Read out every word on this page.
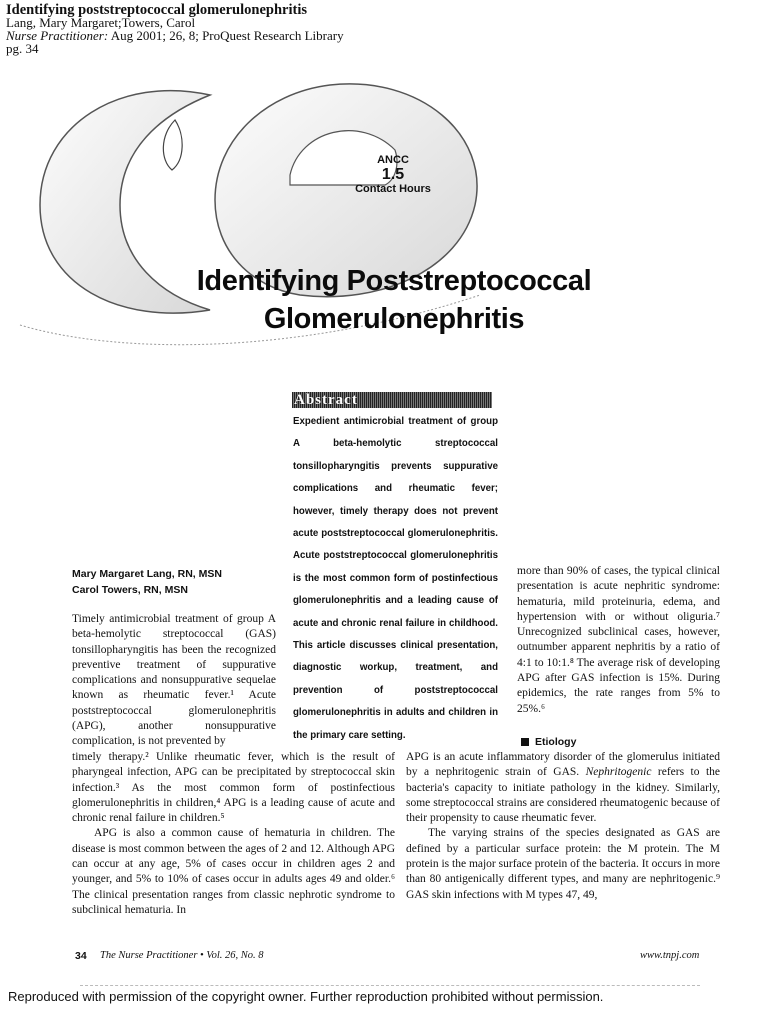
Identifying poststreptococcal glomerulonephritis
Lang, Mary Margaret;Towers, Carol
Nurse Practitioner: Aug 2001; 26, 8; ProQuest Research Library
pg. 34
ANCC
1.5
Contact Hours
Identifying Poststreptococcal
Glomerulonephritis
Abstract
Expedient antimicrobial treatment of group A beta-hemolytic streptococcal tonsillopharyngitis prevents suppurative complications and rheumatic fever; however, timely therapy does not prevent acute poststreptococcal glomerulonephritis. Acute poststreptococcal glomerulonephritis is the most common form of postinfectious glomerulonephritis and a leading cause of acute and chronic renal failure in childhood. This article discusses clinical presentation, diagnostic workup, treatment, and prevention of poststreptococcal glomerulonephritis in adults and children in the primary care setting.
Mary Margaret Lang, RN, MSN
Carol Towers, RN, MSN

Timely antimicrobial treatment of group A beta-hemolytic streptococcal (GAS) tonsillopharyngitis has been the recognized preventive treatment of suppurative complications and nonsuppurative sequelae known as rheumatic fever.¹ Acute poststreptococcal glomerulonephritis (APG), another nonsuppurative complication, is not prevented by

more than 90% of cases, the typical clinical presentation is acute nephritic syndrome: hematuria, mild proteinuria, edema, and hypertension with or without oliguria.⁷ Unrecognized subclinical cases, however, outnumber apparent nephritis by a ratio of 4:1 to 10:1.⁸ The average risk of developing APG after GAS infection is 15%. During epidemics, the rate ranges from 5% to 25%.⁶

Etiology

timely therapy.² Unlike rheumatic fever, which is the result of pharyngeal infection, APG can be precipitated by streptococcal skin infection.³ As the most common form of postinfectious glomerulonephritis in children,⁴ APG is a leading cause of acute and chronic renal failure in children.⁵

APG is also a common cause of hematuria in children. The disease is most common between the ages of 2 and 12. Although APG can occur at any age, 5% of cases occur in children ages 2 and younger, and 5% to 10% of cases occur in adults ages 49 and older.⁶ The clinical presentation ranges from classic nephrotic syndrome to subclinical hematuria. In

APG is an acute inflammatory disorder of the glomerulus initiated by a nephritogenic strain of GAS. Nephritogenic refers to the bacteria's capacity to initiate pathology in the kidney. Similarly, some streptococcal strains are considered rheumatogenic because of their propensity to cause rheumatic fever.

The varying strains of the species designated as GAS are defined by a particular surface protein: the M protein. The M protein is the major surface protein of the bacteria. It occurs in more than 80 antigenically different types, and many are nephritogenic.⁹ GAS skin infections with M types 47, 49,

34 The Nurse Practitioner • Vol. 26, No. 8	www.tnpj.com
Reproduced with permission of the copyright owner. Further reproduction prohibited without permission.
